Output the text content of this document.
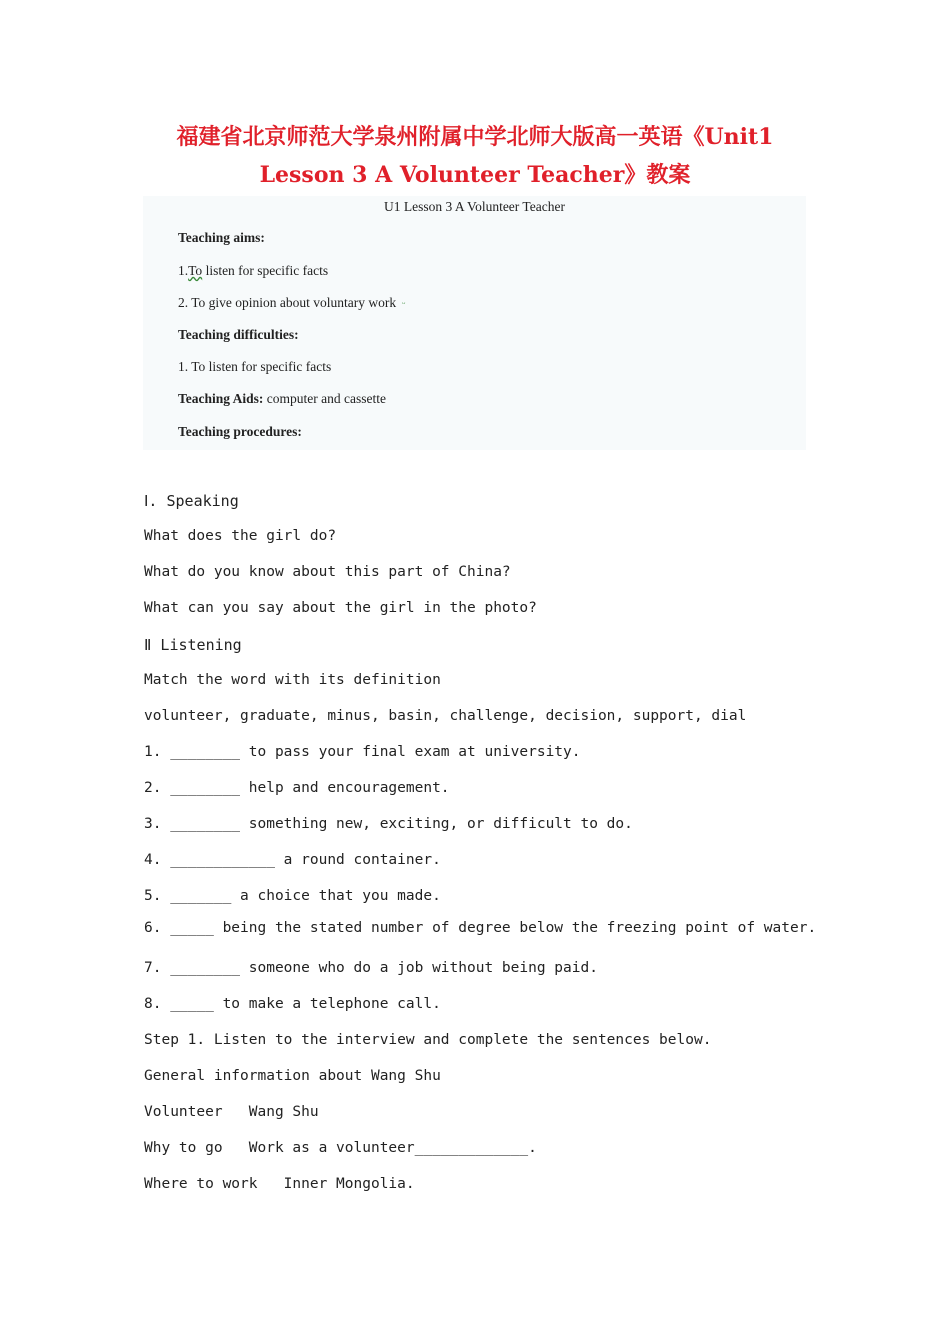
福建省北京师范大学泉州附属中学北师大版高一英语《Unit1
Lesson 3 A Volunteer Teacher》教案
U1 Lesson 3 A Volunteer Teacher
Teaching aims:
1.To listen for specific facts
2. To give opinion about voluntary work ᵕ
Teaching difficulties:
1. To listen for specific facts
Teaching Aids: computer and cassette
Teaching procedures:
Ⅰ. Speaking
What does the girl do?
What do you know about this part of China?
What can you say about the girl in the photo?
Ⅱ Listening
Match the word with its definition
volunteer, graduate, minus, basin, challenge, decision, support, dial
1. ________ to pass your final exam at university.
2. ________ help and encouragement.
3. ________ something new, exciting, or difficult to do.
4. ____________ a round container.
5. _______ a choice that you made.
6. _____ being the stated number of degree below the freezing point of water.
7. ________ someone who do a job without being paid.
8. _____ to make a telephone call.
Step 1. Listen to the interview and complete the sentences below.
General information about Wang Shu
Volunteer   Wang Shu
Why to go   Work as a volunteer_____________.
Where to work   Inner Mongolia.
